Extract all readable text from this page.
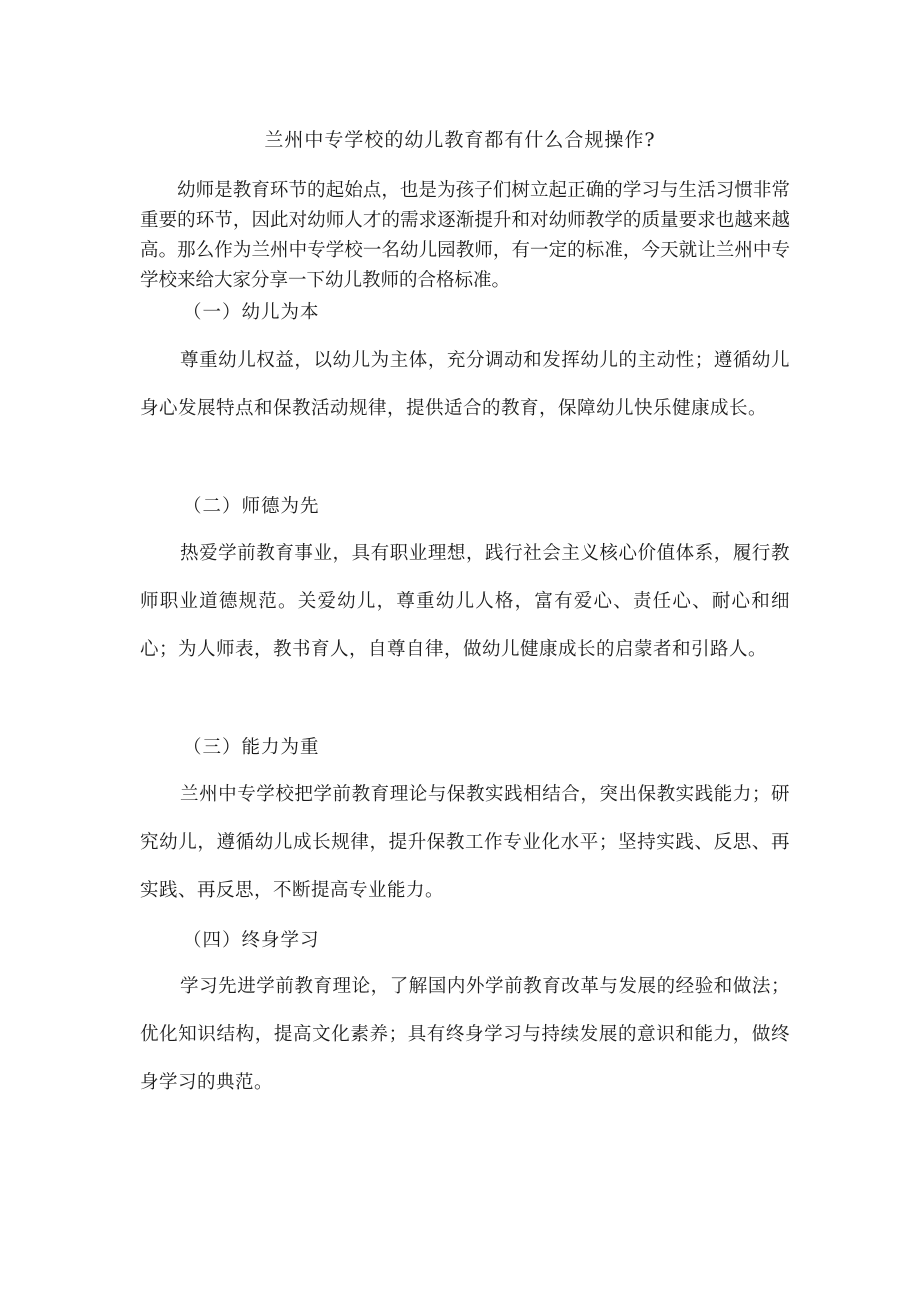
兰州中专学校的幼儿教育都有什么合规操作?

幼师是教育环节的起始点，也是为孩子们树立起正确的学习与生活习惯非常重要的环节，因此对幼师人才的需求逐渐提升和对幼师教学的质量要求也越来越高。那么作为兰州中专学校一名幼儿园教师，有一定的标准，今天就让兰州中专学校来给大家分享一下幼儿教师的合格标准。

（一）幼儿为本

尊重幼儿权益，以幼儿为主体，充分调动和发挥幼儿的主动性；遵循幼儿身心发展特点和保教活动规律，提供适合的教育，保障幼儿快乐健康成长。

（二）师德为先

热爱学前教育事业，具有职业理想，践行社会主义核心价值体系，履行教师职业道德规范。关爱幼儿，尊重幼儿人格，富有爱心、责任心、耐心和细心；为人师表，教书育人，自尊自律，做幼儿健康成长的启蒙者和引路人。

（三）能力为重

兰州中专学校把学前教育理论与保教实践相结合，突出保教实践能力；研究幼儿，遵循幼儿成长规律，提升保教工作专业化水平；坚持实践、反思、再实践、再反思，不断提高专业能力。

（四）终身学习

学习先进学前教育理论，了解国内外学前教育改革与发展的经验和做法；优化知识结构，提高文化素养；具有终身学习与持续发展的意识和能力，做终身学习的典范。
